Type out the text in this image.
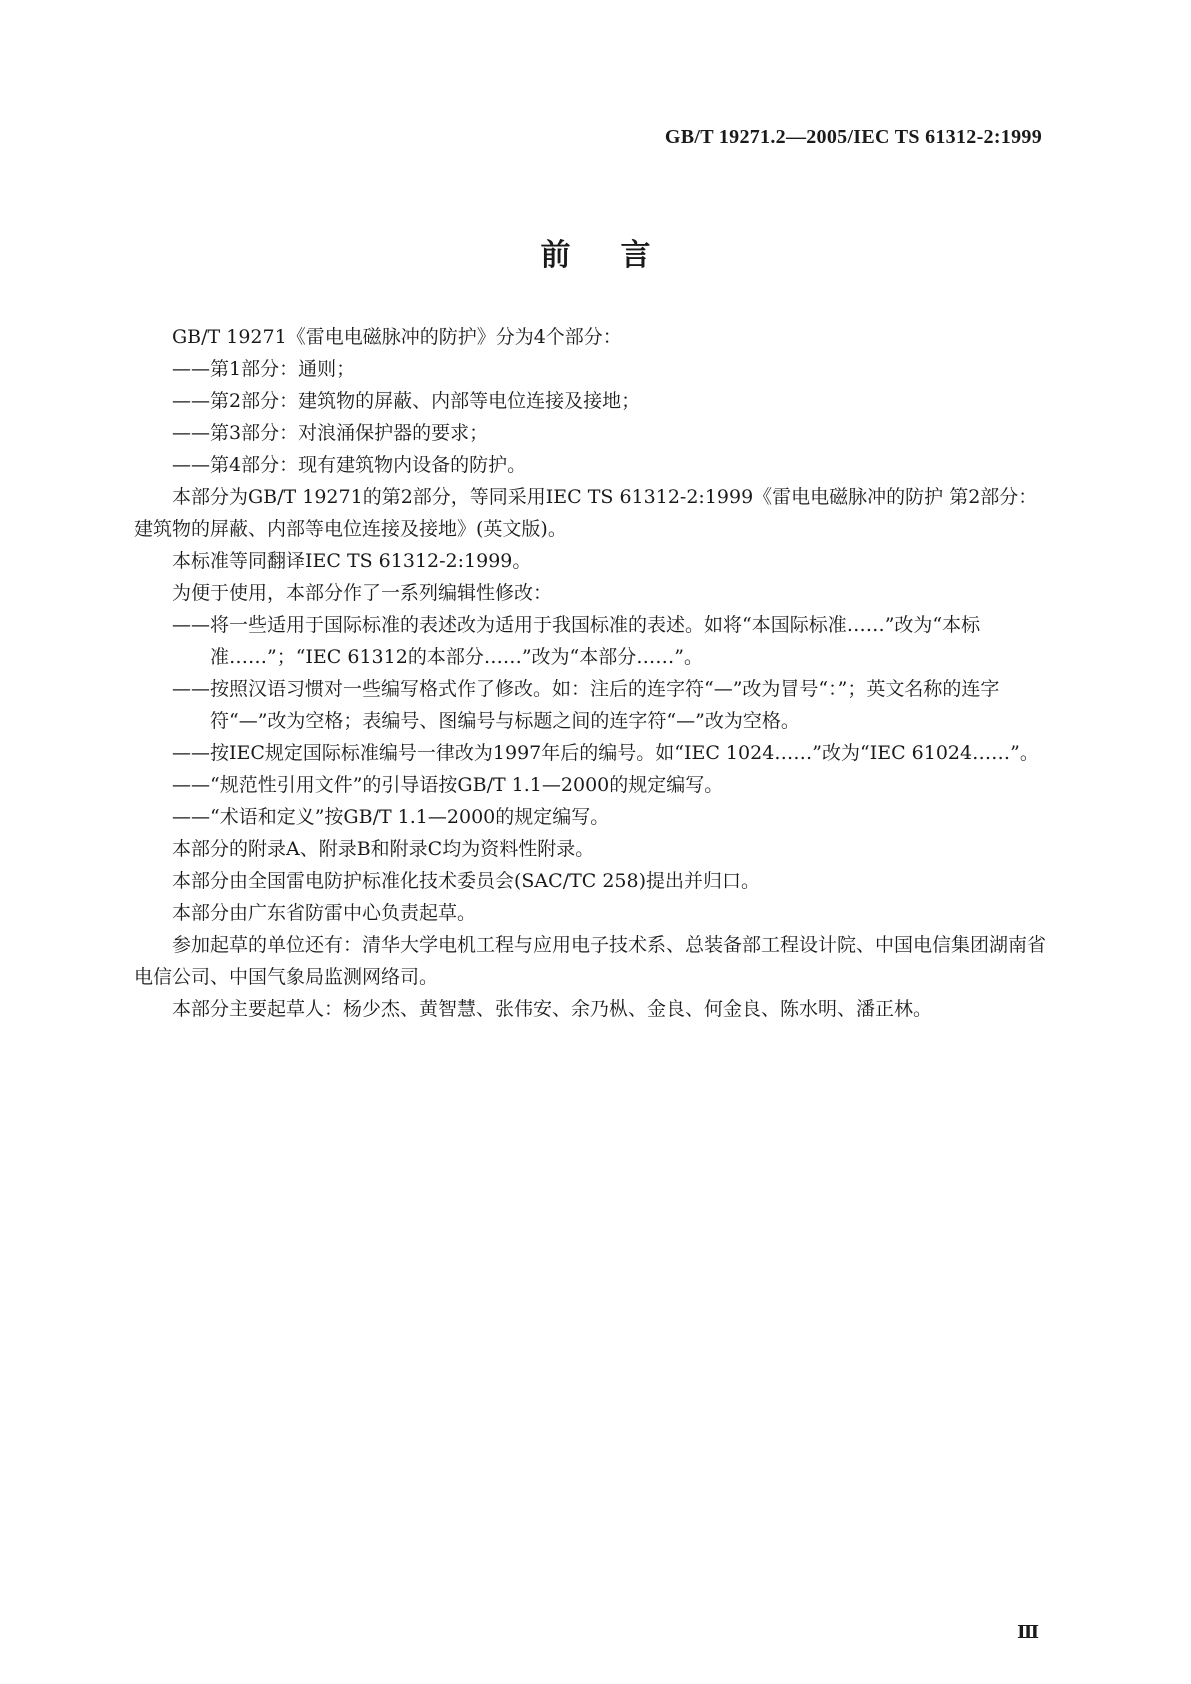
GB/T 19271.2—2005/IEC TS 61312-2:1999
前言

GB/T 19271《雷电电磁脉冲的防护》分为4个部分：

——第1部分：通则；

——第2部分：建筑物的屏蔽、内部等电位连接及接地；

——第3部分：对浪涌保护器的要求；

——第4部分：现有建筑物内设备的防护。

本部分为GB/T 19271的第2部分，等同采用IEC TS 61312-2:1999《雷电电磁脉冲的防护 第2部分：建筑物的屏蔽、内部等电位连接及接地》(英文版)。

本标准等同翻译IEC TS 61312-2:1999。

为便于使用，本部分作了一系列编辑性修改：

——将一些适用于国际标准的表述改为适用于我国标准的表述。如将“本国际标准……”改为“本标准……”；“IEC 61312的本部分……”改为“本部分……”。

——按照汉语习惯对一些编写格式作了修改。如：注后的连字符“—”改为冒号“：”；英文名称的连字符“—”改为空格；表编号、图编号与标题之间的连字符“—”改为空格。

——按IEC规定国际标准编号一律改为1997年后的编号。如“IEC 1024……”改为“IEC 61024……”。

——“规范性引用文件”的引导语按GB/T 1.1—2000的规定编写。

——“术语和定义”按GB/T 1.1—2000的规定编写。

本部分的附录A、附录B和附录C均为资料性附录。

本部分由全国雷电防护标准化技术委员会(SAC/TC 258)提出并归口。

本部分由广东省防雷中心负责起草。

参加起草的单位还有：清华大学电机工程与应用电子技术系、总装备部工程设计院、中国电信集团湖南省电信公司、中国气象局监测网络司。

本部分主要起草人：杨少杰、黄智慧、张伟安、余乃枞、金良、何金良、陈水明、潘正林。

Ⅲ
